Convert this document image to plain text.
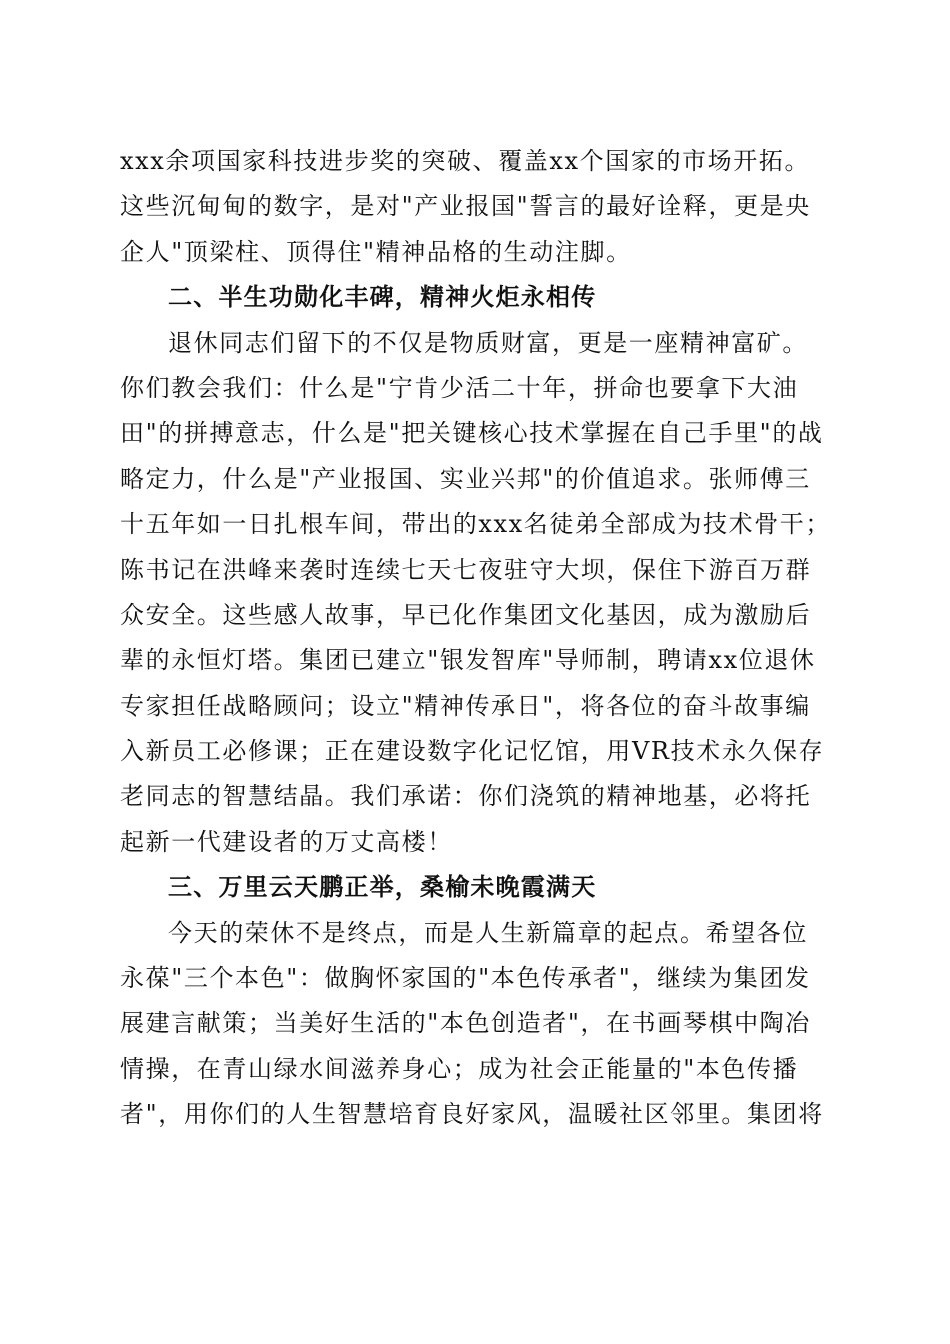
xxx余项国家科技进步奖的突破、覆盖xx个国家的市场开拓。
这些沉甸甸的数字，是对"产业报国"誓言的最好诠释，更是央
企人"顶梁柱、顶得住"精神品格的生动注脚。
二、半生功勋化丰碑，精神火炬永相传
退休同志们留下的不仅是物质财富，更是一座精神富矿。
你们教会我们：什么是"宁肯少活二十年，拼命也要拿下大油
田"的拼搏意志，什么是"把关键核心技术掌握在自己手里"的战
略定力，什么是"产业报国、实业兴邦"的价值追求。张师傅三
十五年如一日扎根车间，带出的xxx名徒弟全部成为技术骨干；
陈书记在洪峰来袭时连续七天七夜驻守大坝，保住下游百万群
众安全。这些感人故事，早已化作集团文化基因，成为激励后
辈的永恒灯塔。集团已建立"银发智库"导师制，聘请xx位退休
专家担任战略顾问；设立"精神传承日"，将各位的奋斗故事编
入新员工必修课；正在建设数字化记忆馆，用VR技术永久保存
老同志的智慧结晶。我们承诺：你们浇筑的精神地基，必将托
起新一代建设者的万丈高楼！
三、万里云天鹏正举，桑榆未晚霞满天
今天的荣休不是终点，而是人生新篇章的起点。希望各位
永葆"三个本色"：做胸怀家国的"本色传承者"，继续为集团发
展建言献策；当美好生活的"本色创造者"，在书画琴棋中陶冶
情操，在青山绿水间滋养身心；成为社会正能量的"本色传播
者"，用你们的人生智慧培育良好家风，温暖社区邻里。集团将
